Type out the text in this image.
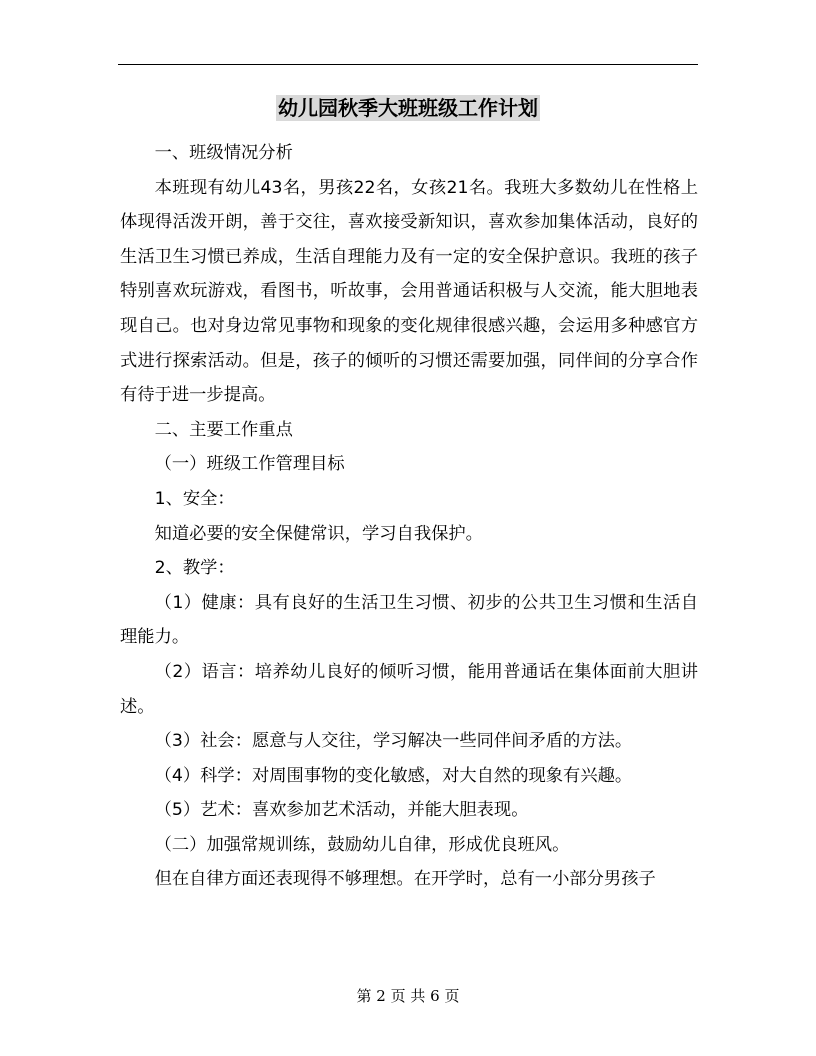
幼儿园秋季大班班级工作计划

一、班级情况分析

本班现有幼儿43名，男孩22名，女孩21名。我班大多数幼儿在性格上体现得活泼开朗，善于交往，喜欢接受新知识，喜欢参加集体活动，良好的生活卫生习惯已养成，生活自理能力及有一定的安全保护意识。我班的孩子特别喜欢玩游戏，看图书，听故事，会用普通话积极与人交流，能大胆地表现自己。也对身边常见事物和现象的变化规律很感兴趣，会运用多种感官方式进行探索活动。但是，孩子的倾听的习惯还需要加强，同伴间的分享合作有待于进一步提高。

二、主要工作重点

（一）班级工作管理目标

1、安全：

知道必要的安全保健常识，学习自我保护。

2、教学：

（1）健康：具有良好的生活卫生习惯、初步的公共卫生习惯和生活自理能力。

（2）语言：培养幼儿良好的倾听习惯，能用普通话在集体面前大胆讲述。

（3）社会：愿意与人交往，学习解决一些同伴间矛盾的方法。

（4）科学：对周围事物的变化敏感，对大自然的现象有兴趣。

（5）艺术：喜欢参加艺术活动，并能大胆表现。

（二）加强常规训练，鼓励幼儿自律，形成优良班风。

但在自律方面还表现得不够理想。在开学时，总有一小部分男孩子

第 2 页 共 6 页
